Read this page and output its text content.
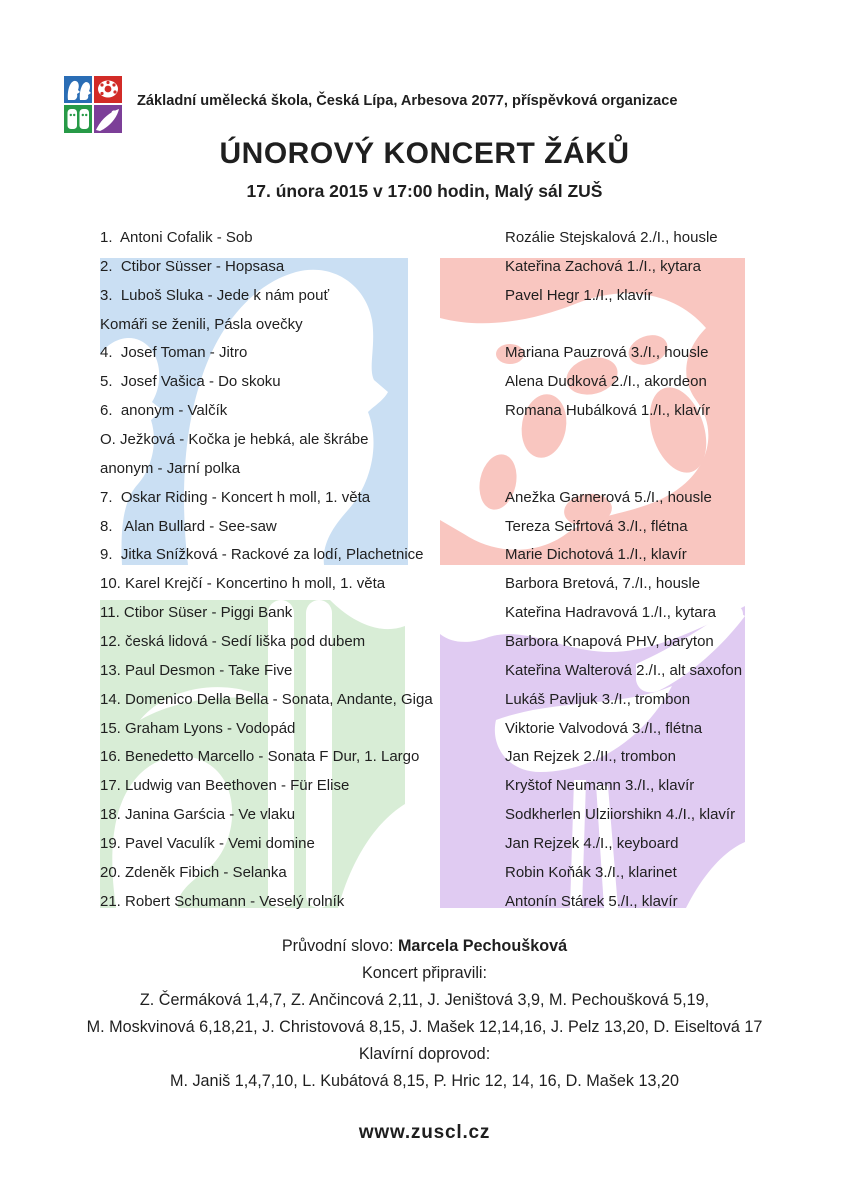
Základní umělecká škola, Česká Lípa, Arbesova 2077, příspěvková organizace
ÚNOROVÝ KONCERT ŽÁKŮ
17. února 2015 v 17:00 hodin, Malý sál ZUŠ
1.  Antoni Cofalik - Sob	Rozálie Stejskalová 2./I., housle
2.  Ctibor Süsser - Hopsasa	Kateřina Zachová 1./I., kytara
3.  Luboš Sluka - Jede k nám pouť	Pavel Hegr 1./I., klavír
Komáři se ženili, Pásla ovečky
4.  Josef Toman - Jitro	Mariana Pauzrová 3./I., housle
5.  Josef Vašica - Do skoku	Alena Dudková 2./I., akordeon
6.  anonym - Valčík	Romana Hubálková 1./I., klavír
O. Ježková - Kočka je hebká, ale škrábe
anonym - Jarní polka
7.  Oskar Riding - Koncert h moll, 1. věta	Anežka Garnerová 5./I., housle
8.   Alan Bullard - See-saw	Tereza Seifrtová 3./I., flétna
9.  Jitka Snížková - Rackové za lodí, Plachetnice	Marie Dichotová 1./I., klavír
10. Karel Krejčí - Koncertino h moll, 1. věta	Barbora Bretová, 7./I., housle
11. Ctibor Süser - Piggi Bank	Kateřina Hadravová 1./I., kytara
12. česká lidová - Sedí liška pod dubem	Barbora Knapová PHV, baryton
13. Paul Desmon - Take Five	Kateřina Walterová 2./I., alt saxofon
14. Domenico Della Bella - Sonata, Andante, Giga	Lukáš Pavljuk 3./I., trombon
15. Graham Lyons - Vodopád	Viktorie Valvodová 3./I., flétna
16. Benedetto Marcello - Sonata F Dur, 1. Largo	Jan Rejzek 2./II., trombon
17. Ludwig van Beethoven - Für Elise	Kryštof Neumann 3./I., klavír
18. Janina Garścia - Ve vlaku	Sodkherlen Ulziiorshikn 4./I., klavír
19. Pavel Vaculík - Vemi domine	Jan Rejzek 4./I., keyboard
20. Zdeněk Fibich - Selanka	Robin Koňák 3./I., klarinet
21. Robert Schumann - Veselý rolník	Antonín Stárek 5./I., klavír
Průvodní slovo: Marcela Pechoušková
Koncert připravili:
Z. Čermáková 1,4,7, Z. Ančincová 2,11, J. Jeništová 3,9, M. Pechoušková 5,19,
M. Moskvinová 6,18,21, J. Christovová 8,15, J. Mašek 12,14,16, J. Pelz 13,20, D. Eiseltová 17
Klavírní doprovod:
M. Janiš 1,4,7,10, L. Kubátová 8,15, P. Hric 12, 14, 16, D. Mašek 13,20
www.zuscl.cz
